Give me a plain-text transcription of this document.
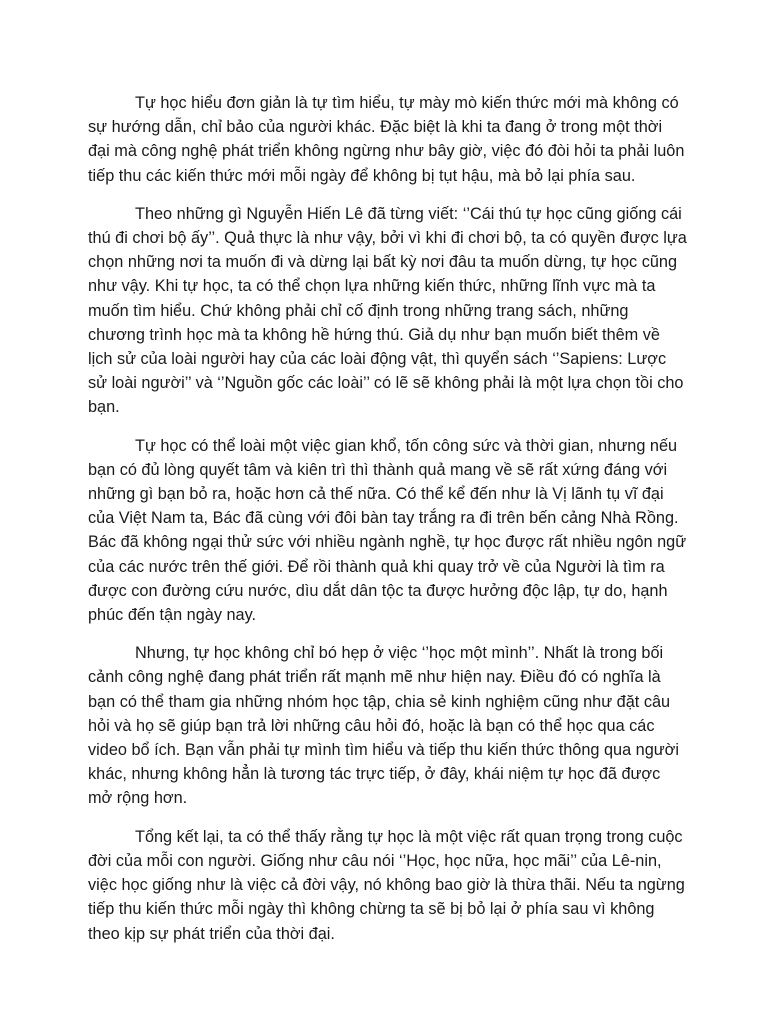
Tự học hiểu đơn giản là tự tìm hiểu, tự mày mò kiến thức mới mà không có sự hướng dẫn, chỉ bảo của người khác. Đặc biệt là khi ta đang ở trong một thời đại mà công nghệ phát triển không ngừng như bây giờ, việc đó đòi hỏi ta phải luôn tiếp thu các kiến thức mới mỗi ngày để không bị tụt hậu, mà bỏ lại phía sau.

Theo những gì Nguyễn Hiến Lê đã từng viết: ‘’Cái thú tự học cũng giống cái thú đi chơi bộ ấy’’. Quả thực là như vậy, bởi vì khi đi chơi bộ, ta có quyền được lựa chọn những nơi ta muốn đi và dừng lại bất kỳ nơi đâu ta muốn dừng, tự học cũng như vậy. Khi tự học, ta có thể chọn lựa những kiến thức, những lĩnh vực mà ta muốn tìm hiểu. Chứ không phải chỉ cố định trong những trang sách, những chương trình học mà ta không hề hứng thú. Giả dụ như bạn muốn biết thêm về lịch sử của loài người hay của các loài động vật, thì quyển sách ‘’Sapiens: Lược sử loài người’’ và ‘’Nguồn gốc các loài’’ có lẽ sẽ không phải là một lựa chọn tồi cho bạn.

Tự học có thể loài một việc gian khổ, tốn công sức và thời gian, nhưng nếu bạn có đủ lòng quyết tâm và kiên trì thì thành quả mang về sẽ rất xứng đáng với những gì bạn bỏ ra, hoặc hơn cả thế nữa. Có thể kể đến như là Vị lãnh tụ vĩ đại của Việt Nam ta, Bác đã cùng với đôi bàn tay trắng ra đi trên bến cảng Nhà Rồng. Bác đã không ngại thử sức với nhiều ngành nghề, tự học được rất nhiều ngôn ngữ của các nước trên thế giới. Để rồi thành quả khi quay trở về của Người là tìm ra được con đường cứu nước, dìu dắt dân tộc ta được hưởng độc lập, tự do, hạnh phúc đến tận ngày nay.

Nhưng, tự học không chỉ bó hẹp ở việc ‘’học một mình’’. Nhất là trong bối cảnh công nghệ đang phát triển rất mạnh mẽ như hiện nay. Điều đó có nghĩa là bạn có thể tham gia những nhóm học tập, chia sẻ kinh nghiệm cũng như đặt câu hỏi và họ sẽ giúp bạn trả lời những câu hỏi đó, hoặc là bạn có thể học qua các video bổ ích. Bạn vẫn phải tự mình tìm hiểu và tiếp thu kiến thức thông qua người khác, nhưng không hẳn là tương tác trực tiếp, ở đây, khái niệm tự học đã được mở rộng hơn.

Tổng kết lại, ta có thể thấy rằng tự học là một việc rất quan trọng trong cuộc đời của mỗi con người. Giống như câu nói ‘’Học, học nữa, học mãi’’ của Lê-nin, việc học giống như là việc cả đời vậy, nó không bao giờ là thừa thãi. Nếu ta ngừng tiếp thu kiến thức mỗi ngày thì không chừng ta sẽ bị bỏ lại ở phía sau vì không theo kịp sự phát triển của thời đại.
